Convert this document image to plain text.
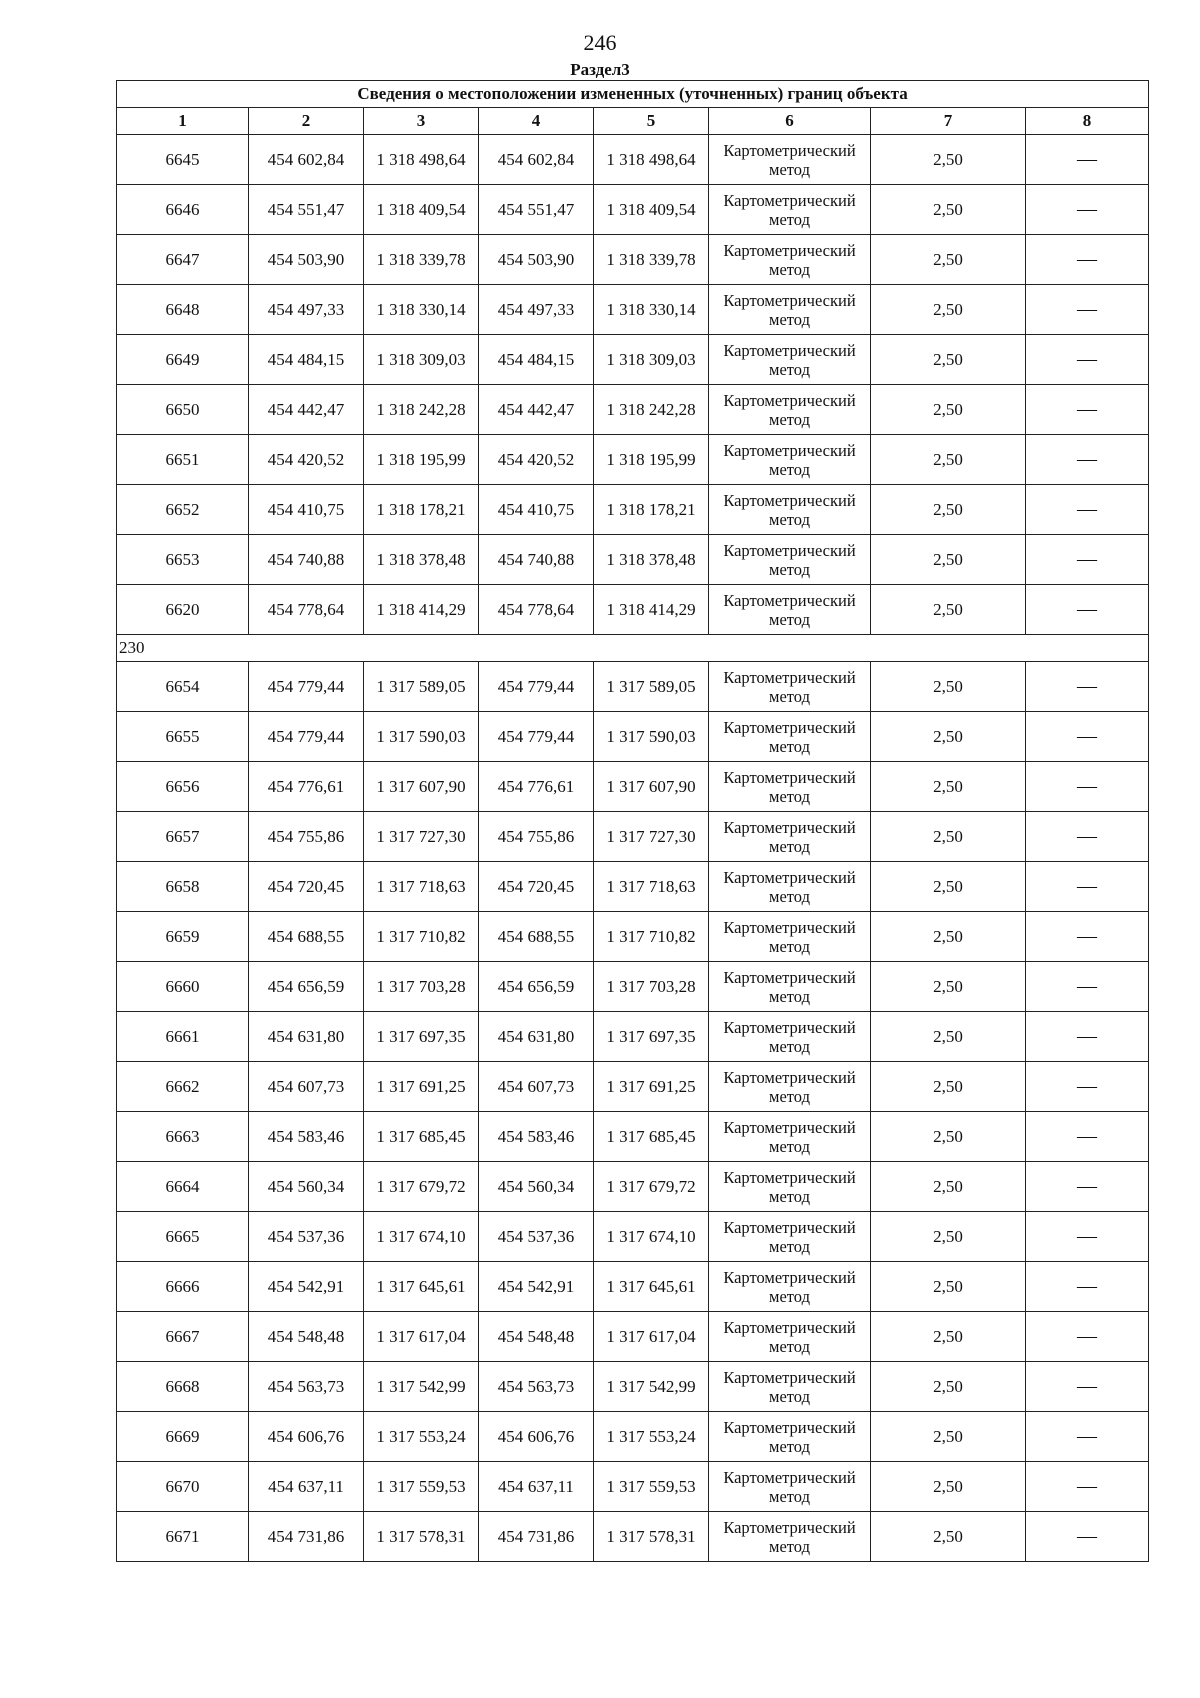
246
Раздел3
Сведения о местоположении измененных (уточненных) границ объекта							
1	2	3	4	5	6	7	8
6645	454 602,84	1 318 498,64	454 602,84	1 318 498,64	Картометрический метод	2,50	—
6646	454 551,47	1 318 409,54	454 551,47	1 318 409,54	Картометрический метод	2,50	—
6647	454 503,90	1 318 339,78	454 503,90	1 318 339,78	Картометрический метод	2,50	—
6648	454 497,33	1 318 330,14	454 497,33	1 318 330,14	Картометрический метод	2,50	—
6649	454 484,15	1 318 309,03	454 484,15	1 318 309,03	Картометрический метод	2,50	—
6650	454 442,47	1 318 242,28	454 442,47	1 318 242,28	Картометрический метод	2,50	—
6651	454 420,52	1 318 195,99	454 420,52	1 318 195,99	Картометрический метод	2,50	—
6652	454 410,75	1 318 178,21	454 410,75	1 318 178,21	Картометрический метод	2,50	—
6653	454 740,88	1 318 378,48	454 740,88	1 318 378,48	Картометрический метод	2,50	—
6620	454 778,64	1 318 414,29	454 778,64	1 318 414,29	Картометрический метод	2,50	—
230							
6654	454 779,44	1 317 589,05	454 779,44	1 317 589,05	Картометрический метод	2,50	—
6655	454 779,44	1 317 590,03	454 779,44	1 317 590,03	Картометрический метод	2,50	—
6656	454 776,61	1 317 607,90	454 776,61	1 317 607,90	Картометрический метод	2,50	—
6657	454 755,86	1 317 727,30	454 755,86	1 317 727,30	Картометрический метод	2,50	—
6658	454 720,45	1 317 718,63	454 720,45	1 317 718,63	Картометрический метод	2,50	—
6659	454 688,55	1 317 710,82	454 688,55	1 317 710,82	Картометрический метод	2,50	—
6660	454 656,59	1 317 703,28	454 656,59	1 317 703,28	Картометрический метод	2,50	—
6661	454 631,80	1 317 697,35	454 631,80	1 317 697,35	Картометрический метод	2,50	—
6662	454 607,73	1 317 691,25	454 607,73	1 317 691,25	Картометрический метод	2,50	—
6663	454 583,46	1 317 685,45	454 583,46	1 317 685,45	Картометрический метод	2,50	—
6664	454 560,34	1 317 679,72	454 560,34	1 317 679,72	Картометрический метод	2,50	—
6665	454 537,36	1 317 674,10	454 537,36	1 317 674,10	Картометрический метод	2,50	—
6666	454 542,91	1 317 645,61	454 542,91	1 317 645,61	Картометрический метод	2,50	—
6667	454 548,48	1 317 617,04	454 548,48	1 317 617,04	Картометрический метод	2,50	—
6668	454 563,73	1 317 542,99	454 563,73	1 317 542,99	Картометрический метод	2,50	—
6669	454 606,76	1 317 553,24	454 606,76	1 317 553,24	Картометрический метод	2,50	—
6670	454 637,11	1 317 559,53	454 637,11	1 317 559,53	Картометрический метод	2,50	—
6671	454 731,86	1 317 578,31	454 731,86	1 317 578,31	Картометрический метод	2,50	—
